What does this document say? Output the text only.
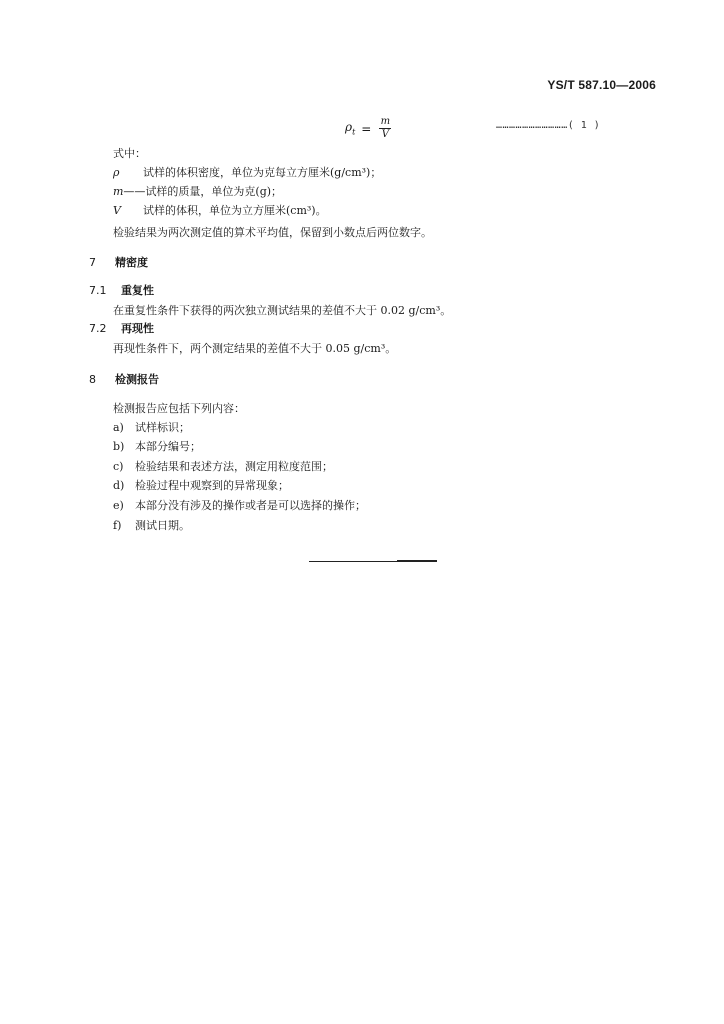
YS/T 587.10—2006
$\rho_t = \frac{m}{V}$	……………………………( 1 )
式中：
ρ 试样的体积密度，单位为克每立方厘米(g/cm³)；
m——试样的质量，单位为克(g)；
V 试样的体积，单位为立方厘米(cm³)。
检验结果为两次测定值的算术平均值，保留到小数点后两位数字。
7 精密度
7.1 重复性
在重复性条件下获得的两次独立测试结果的差值不大于 0.02 g/cm³。
7.2 再现性
再现性条件下，两个测定结果的差值不大于 0.05 g/cm³。
8 检测报告
检测报告应包括下列内容：
a) 试样标识；
b) 本部分编号；
c) 检验结果和表述方法，测定用粒度范围；
d) 检验过程中观察到的异常现象；
e) 本部分没有涉及的操作或者是可以选择的操作；
f) 测试日期。
